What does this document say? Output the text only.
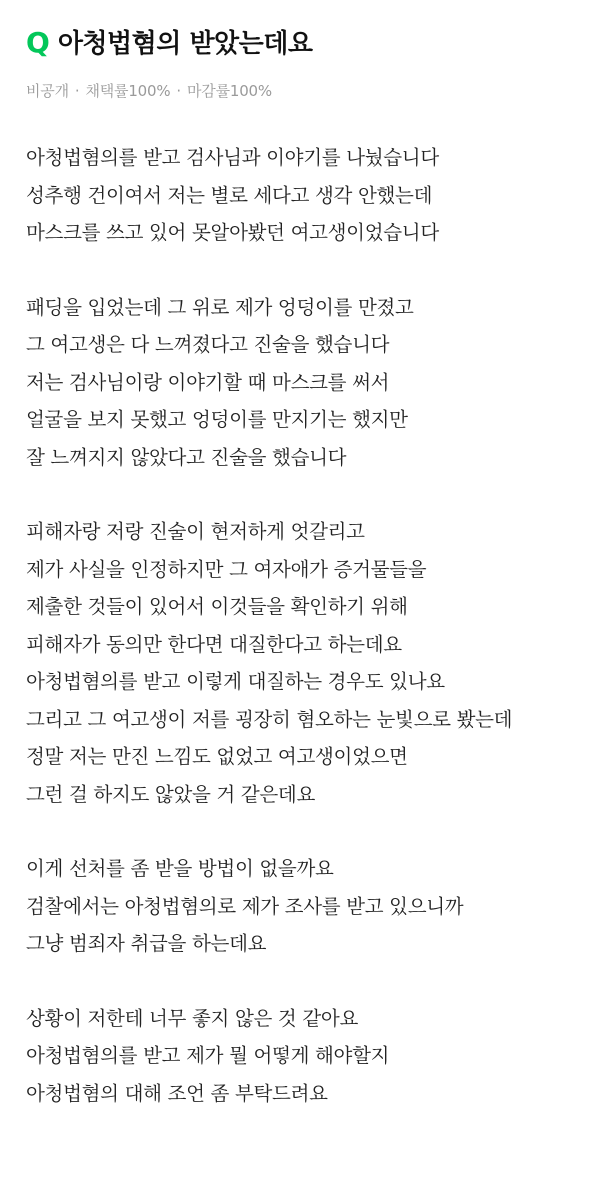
Q 아청법혐의 받았는데요
비공개 · 채택률100% · 마감률100%
아청법혐의를 받고 검사님과 이야기를 나눴습니다
성추행 건이여서 저는 별로 세다고 생각 안했는데
마스크를 쓰고 있어 못알아봤던 여고생이었습니다
패딩을 입었는데 그 위로 제가 엉덩이를 만졌고
그 여고생은 다 느껴졌다고 진술을 했습니다
저는 검사님이랑 이야기할 때 마스크를 써서
얼굴을 보지 못했고 엉덩이를 만지기는 했지만
잘 느껴지지 않았다고 진술을 했습니다
피해자랑 저랑 진술이 현저하게 엇갈리고
제가 사실을 인정하지만 그 여자애가 증거물들을
제출한 것들이 있어서 이것들을 확인하기 위해
피해자가 동의만 한다면 대질한다고 하는데요
아청법혐의를 받고 이렇게 대질하는 경우도 있나요
그리고 그 여고생이 저를 굉장히 혐오하는 눈빛으로 봤는데
정말 저는 만진 느낌도 없었고 여고생이었으면
그런 걸 하지도 않았을 거 같은데요
이게 선처를 좀 받을 방법이 없을까요
검찰에서는 아청법혐의로 제가 조사를 받고 있으니까
그냥 범죄자 취급을 하는데요
상황이 저한테 너무 좋지 않은 것 같아요
아청법혐의를 받고 제가 뭘 어떻게 해야할지
아청법혐의 대해 조언 좀 부탁드려요
